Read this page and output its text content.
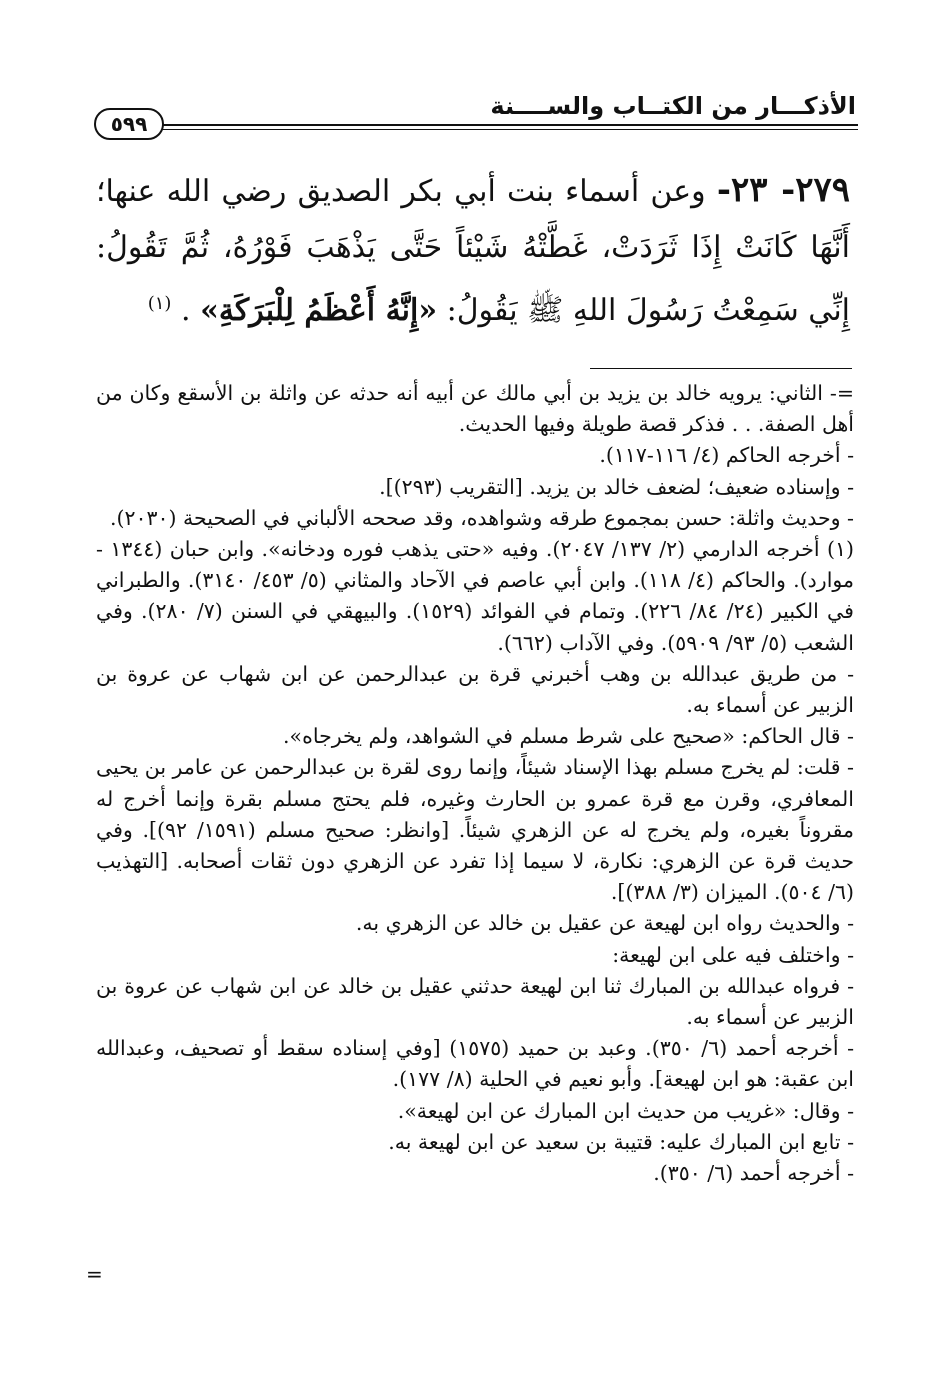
الأذكـــار من الكتــاب والســــنة
٥٩٩
٢٧٩- ٢٣- وعن أسماء بنت أبي بكر الصديق رضي الله عنها؛ أَنَّهَا كَانَتْ إِذَا ثَرَدَتْ، غَطَّتْهُ شَيْئاً حَتَّى يَذْهَبَ فَوْرُهُ، ثُمَّ تَقُولُ: إِنِّي سَمِعْتُ رَسُولَ اللهِ ﷺ يَقُولُ: «إِنَّهُ أَعْظَمُ لِلْبَرَكَةِ» . $^{(١)}$

=- الثاني: يرويه خالد بن يزيد بن أبي مالك عن أبيه أنه حدثه عن واثلة بن الأسقع وكان من أهل الصفة. . . فذكر قصة طويلة وفيها الحديث.

- أخرجه الحاكم (٤/ ١١٦-١١٧).

- وإسناده ضعيف؛ لضعف خالد بن يزيد. [التقريب (٢٩٣)].

- وحديث واثلة: حسن بمجموع طرقه وشواهده، وقد صححه الألباني في الصحيحة (٢٠٣٠).

(١) أخرجه الدارمي (٢/ ١٣٧/ ٢٠٤٧). وفيه «حتى يذهب فوره ودخانه». وابن حبان (١٣٤٤ - موارد). والحاكم (٤/ ١١٨). وابن أبي عاصم في الآحاد والمثاني (٥/ ٤٥٣/ ٣١٤٠). والطبراني في الكبير (٢٤/ ٨٤/ ٢٢٦). وتمام في الفوائد (١٥٢٩). والبيهقي في السنن (٧/ ٢٨٠). وفي الشعب (٥/ ٩٣/ ٥٩٠٩). وفي الآداب (٦٦٢).

- من طريق عبدالله بن وهب أخبرني قرة بن عبدالرحمن عن ابن شهاب عن عروة بن الزبير عن أسماء به.

- قال الحاكم: «صحيح على شرط مسلم في الشواهد، ولم يخرجاه».

- قلت: لم يخرج مسلم بهذا الإسناد شيئاً، وإنما روى لقرة بن عبدالرحمن عن عامر بن يحيى المعافري، وقرن مع قرة عمرو بن الحارث وغيره، فلم يحتج مسلم بقرة وإنما أخرج له مقروناً بغيره، ولم يخرج له عن الزهري شيئاً. [وانظر: صحيح مسلم (١٥٩١/ ٩٢)]. وفي حديث قرة عن الزهري: نكارة، لا سيما إذا تفرد عن الزهري دون ثقات أصحابه. [التهذيب (٦/ ٥٠٤). الميزان (٣/ ٣٨٨)].

- والحديث رواه ابن لهيعة عن عقيل بن خالد عن الزهري به.

- واختلف فيه على ابن لهيعة:

- فرواه عبدالله بن المبارك ثنا ابن لهيعة حدثني عقيل بن خالد عن ابن شهاب عن عروة بن الزبير عن أسماء به.

- أخرجه أحمد (٦/ ٣٥٠). وعبد بن حميد (١٥٧٥) [وفي إسناده سقط أو تصحيف، وعبدالله ابن عقبة: هو ابن لهيعة]. وأبو نعيم في الحلية (٨/ ١٧٧).

- وقال: «غريب من حديث ابن المبارك عن ابن لهيعة».

- تابع ابن المبارك عليه: قتيبة بن سعيد عن ابن لهيعة به.

- أخرجه أحمد (٦/ ٣٥٠).

=
